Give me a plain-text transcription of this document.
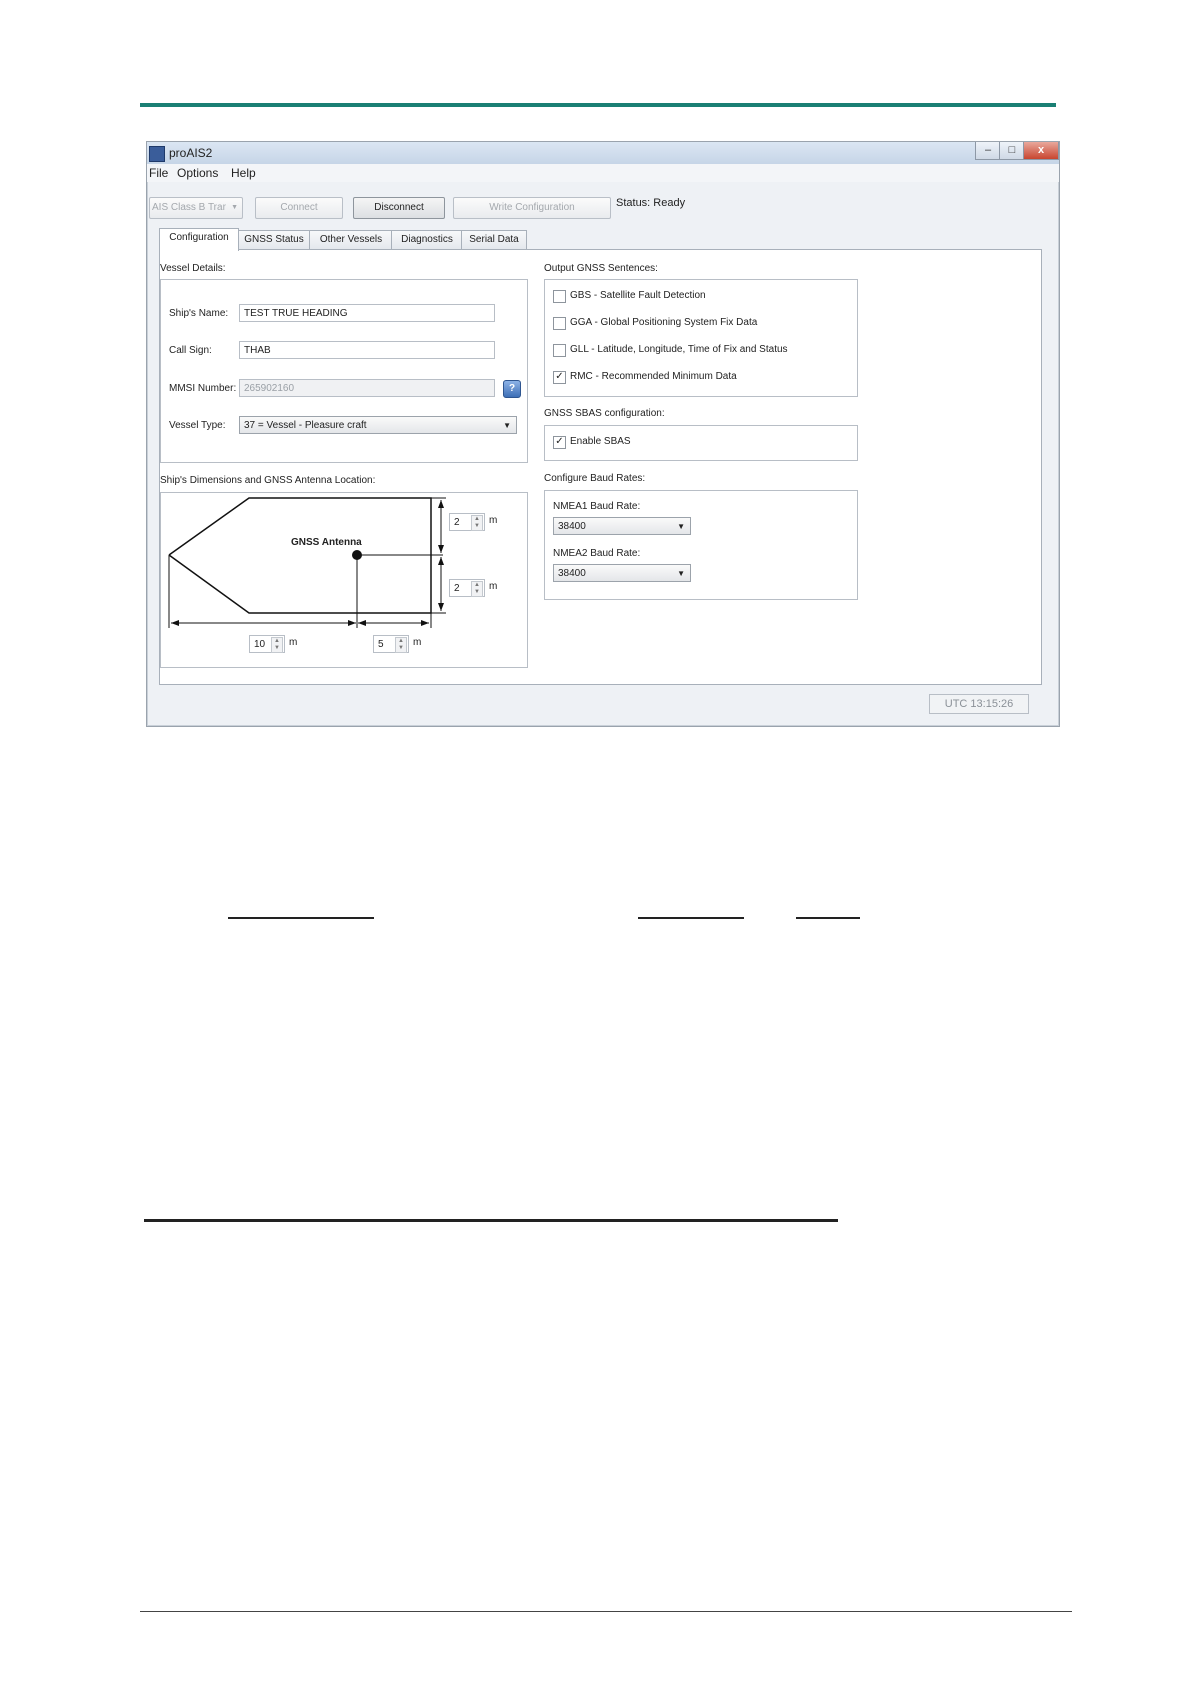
proAIS2	‒	□	x
File Options Help
AIS Class B Trar ▼	Connect	Disconnect	Write Configuration	Status: Ready
Configuration	GNSS Status	Other Vessels	Diagnostics	Serial Data
Vessel Details:
Ship's Name:	TEST TRUE HEADING
Call Sign:	THAB
MMSI Number: 265902160	?
Vessel Type:	37 = Vessel - Pleasure craft	▼
Ship's Dimensions and GNSS Antenna Location:
GNSS Antenna
2	▲
▼ m
2	▲
▼ m
10	▲
▼ m	5	▲
▼ m
Output GNSS Sentences:
GBS - Satellite Fault Detection
GGA - Global Positioning System Fix Data
GLL - Latitude, Longitude, Time of Fix and Status
✓ RMC - Recommended Minimum Data
GNSS SBAS configuration:
✓ Enable SBAS
Configure Baud Rates:
NMEA1 Baud Rate:
38400	▼
NMEA2 Baud Rate:
38400	▼
UTC 13:15:26
